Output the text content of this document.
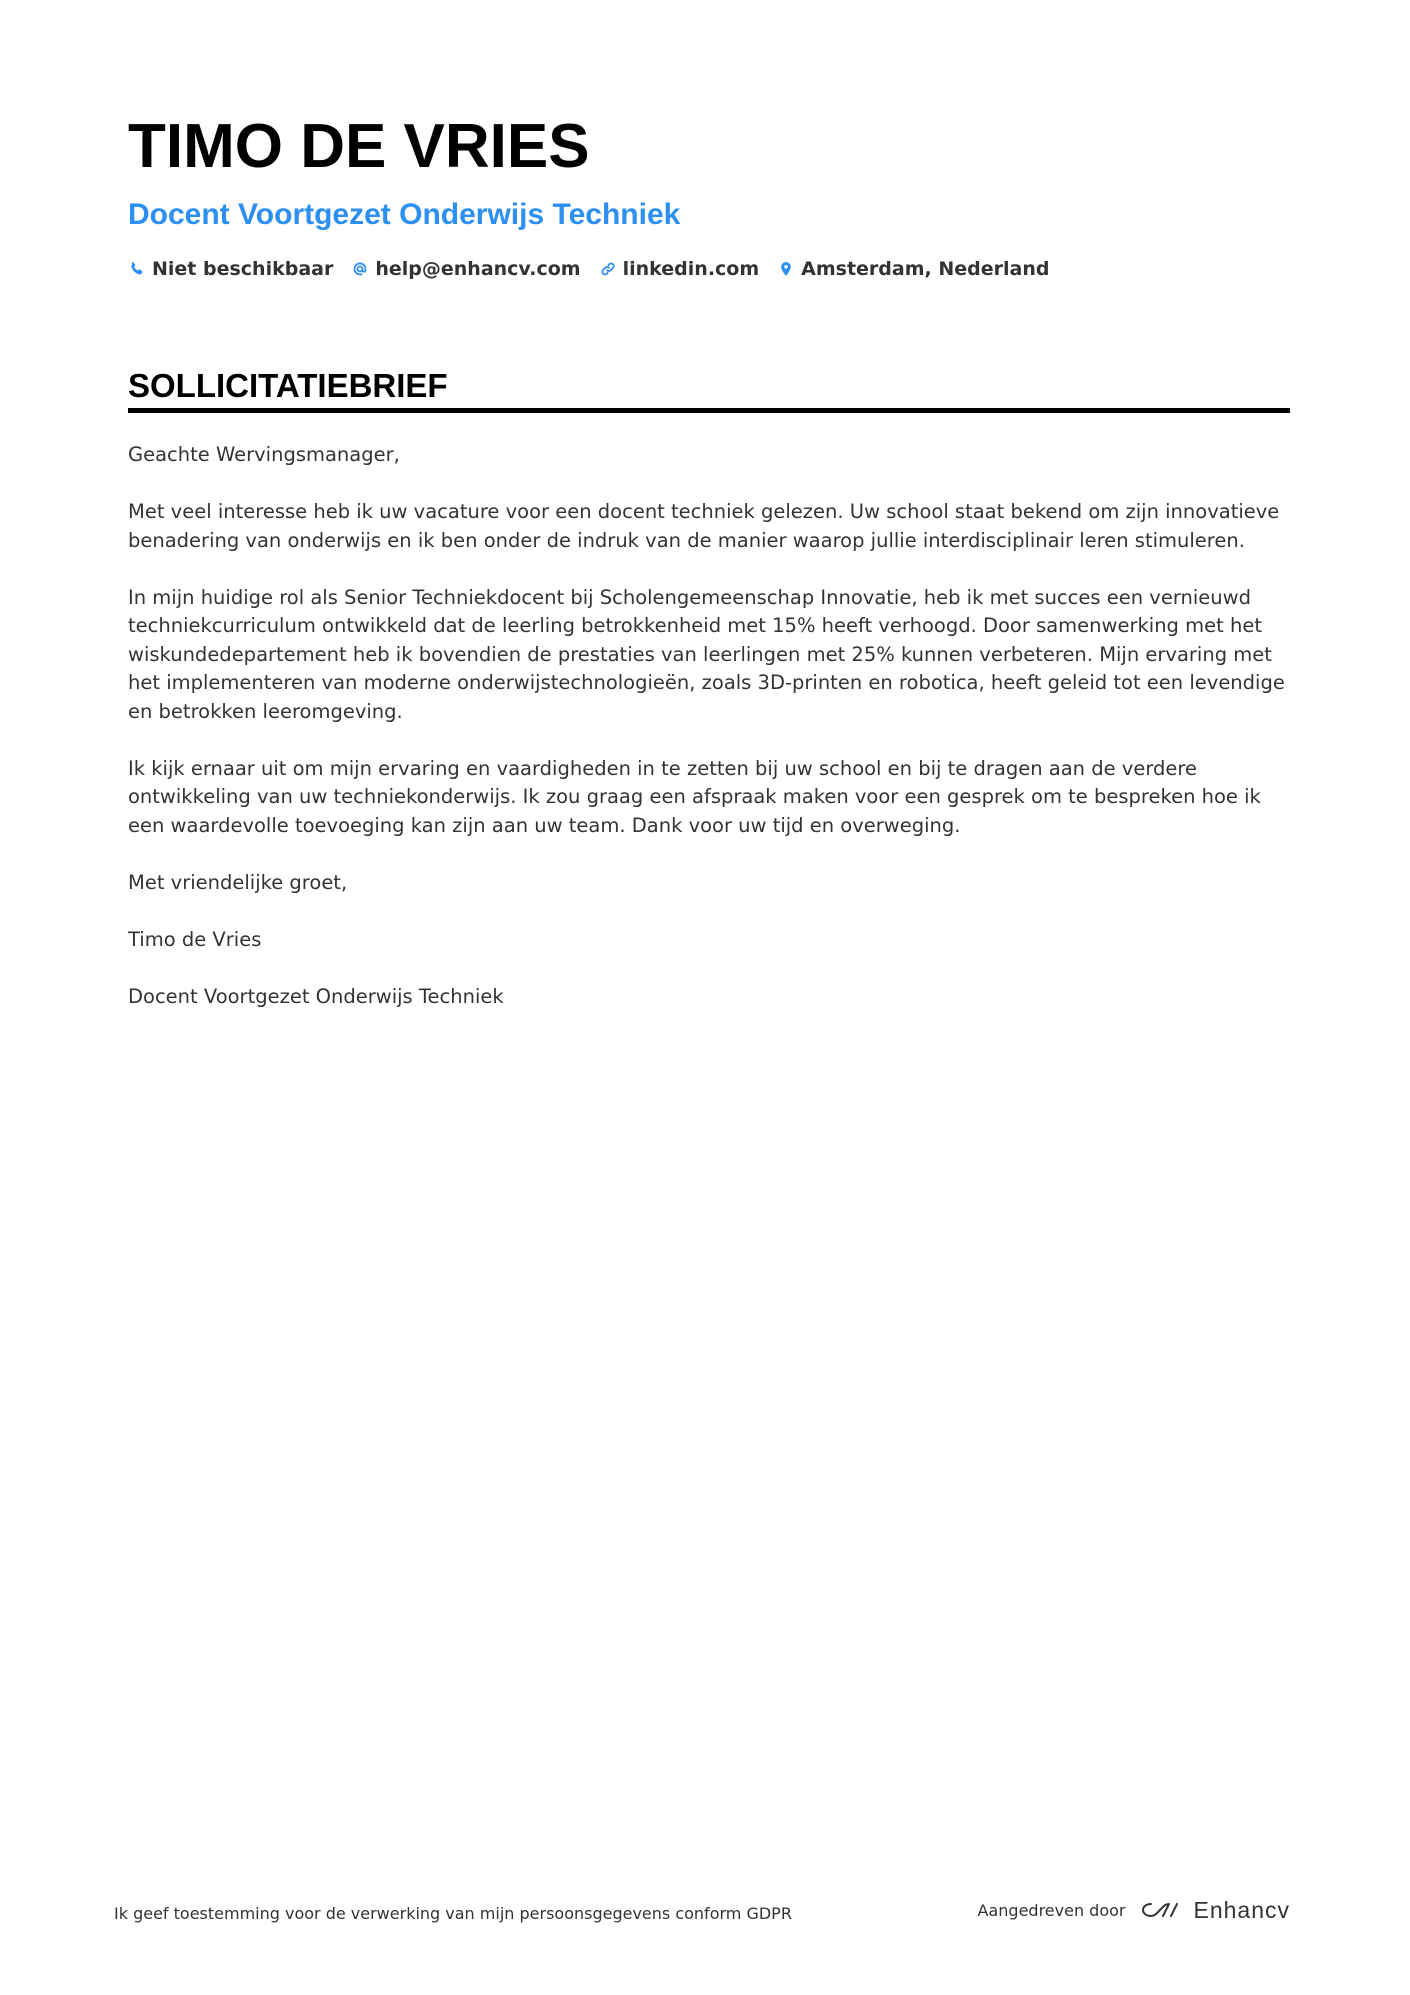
TIMO DE VRIES
Docent Voortgezet Onderwijs Techniek
Niet beschikbaar help@enhancv.com linkedin.com Amsterdam, Nederland
SOLLICITATIEBRIEF

Geachte Wervingsmanager,

Met veel interesse heb ik uw vacature voor een docent techniek gelezen. Uw school staat bekend om zijn innovatieve benadering van onderwijs en ik ben onder de indruk van de manier waarop jullie interdisciplinair leren stimuleren.

In mijn huidige rol als Senior Techniekdocent bij Scholengemeenschap Innovatie, heb ik met succes een vernieuwd techniekcurriculum ontwikkeld dat de leerling betrokkenheid met 15% heeft verhoogd. Door samenwerking met het wiskundedepartement heb ik bovendien de prestaties van leerlingen met 25% kunnen verbeteren. Mijn ervaring met het implementeren van moderne onderwijstechnologieën, zoals 3D-printen en robotica, heeft geleid tot een levendige en betrokken leeromgeving.

Ik kijk ernaar uit om mijn ervaring en vaardigheden in te zetten bij uw school en bij te dragen aan de verdere ontwikkeling van uw techniekonderwijs. Ik zou graag een afspraak maken voor een gesprek om te bespreken hoe ik een waardevolle toevoeging kan zijn aan uw team. Dank voor uw tijd en overweging.

Met vriendelijke groet,

Timo de Vries

Docent Voortgezet Onderwijs Techniek

Ik geef toestemming voor de verwerking van mijn persoonsgegevens conform GDPR	Aangedreven door	Enhancv
